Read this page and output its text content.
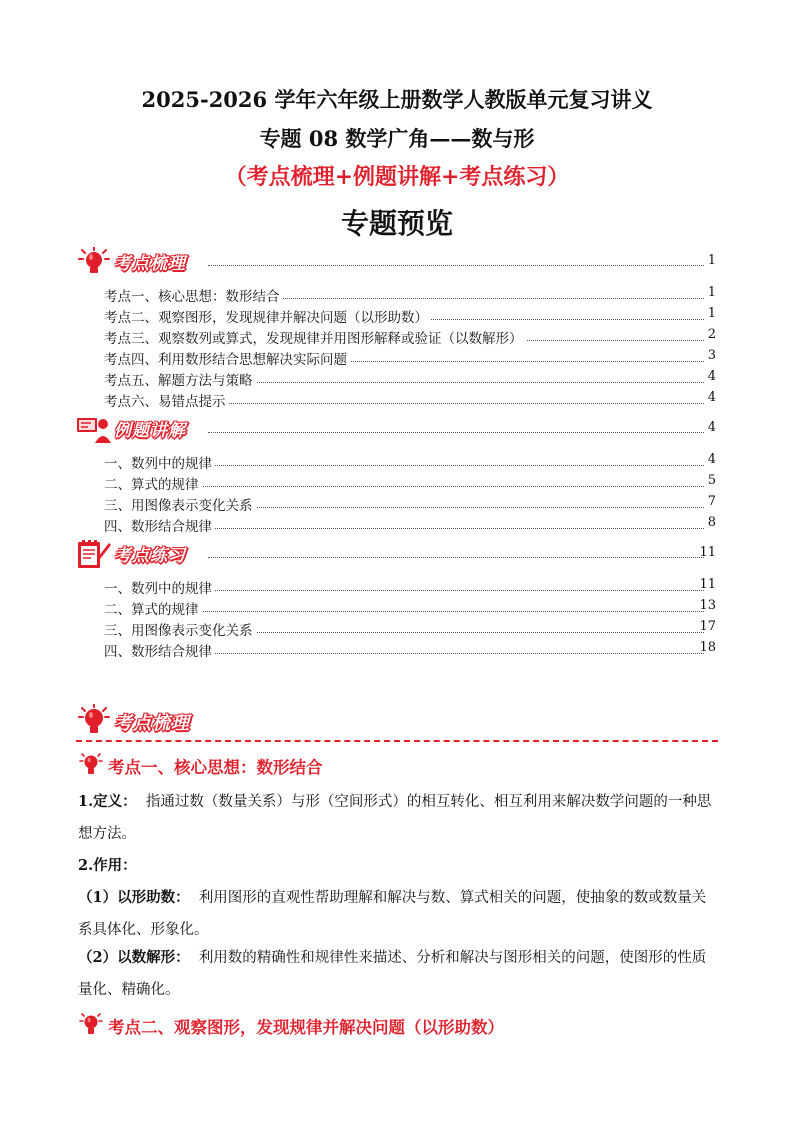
2025-2026 学年六年级上册数学人教版单元复习讲义
专题 08 数学广角——数与形
（考点梳理+例题讲解+考点练习）
专题预览
考点梳理	1
考点一、核心思想：数形结合	1
考点二、观察图形，发现规律并解决问题（以形助数）	1
考点三、观察数列或算式，发现规律并用图形解释或验证（以数解形）	2
考点四、利用数形结合思想解决实际问题	3
考点五、解题方法与策略	4
考点六、易错点提示	4
例题讲解	4
一、数列中的规律	4
二、算式的规律	5
三、用图像表示变化关系	7
四、数形结合规律	8
考点练习	11
一、数列中的规律	11
二、算式的规律	13
三、用图像表示变化关系	17
四、数形结合规律	18
考点梳理
考点一、核心思想：数形结合
1.定义： 指通过数（数量关系）与形（空间形式）的相互转化、相互利用来解决数学问题的一种思想方法。
2.作用：
（1）以形助数： 利用图形的直观性帮助理解和解决与数、算式相关的问题，使抽象的数或数量关系具体化、形象化。
（2）以数解形： 利用数的精确性和规律性来描述、分析和解决与图形相关的问题，使图形的性质量化、精确化。
考点二、观察图形，发现规律并解决问题（以形助数）
